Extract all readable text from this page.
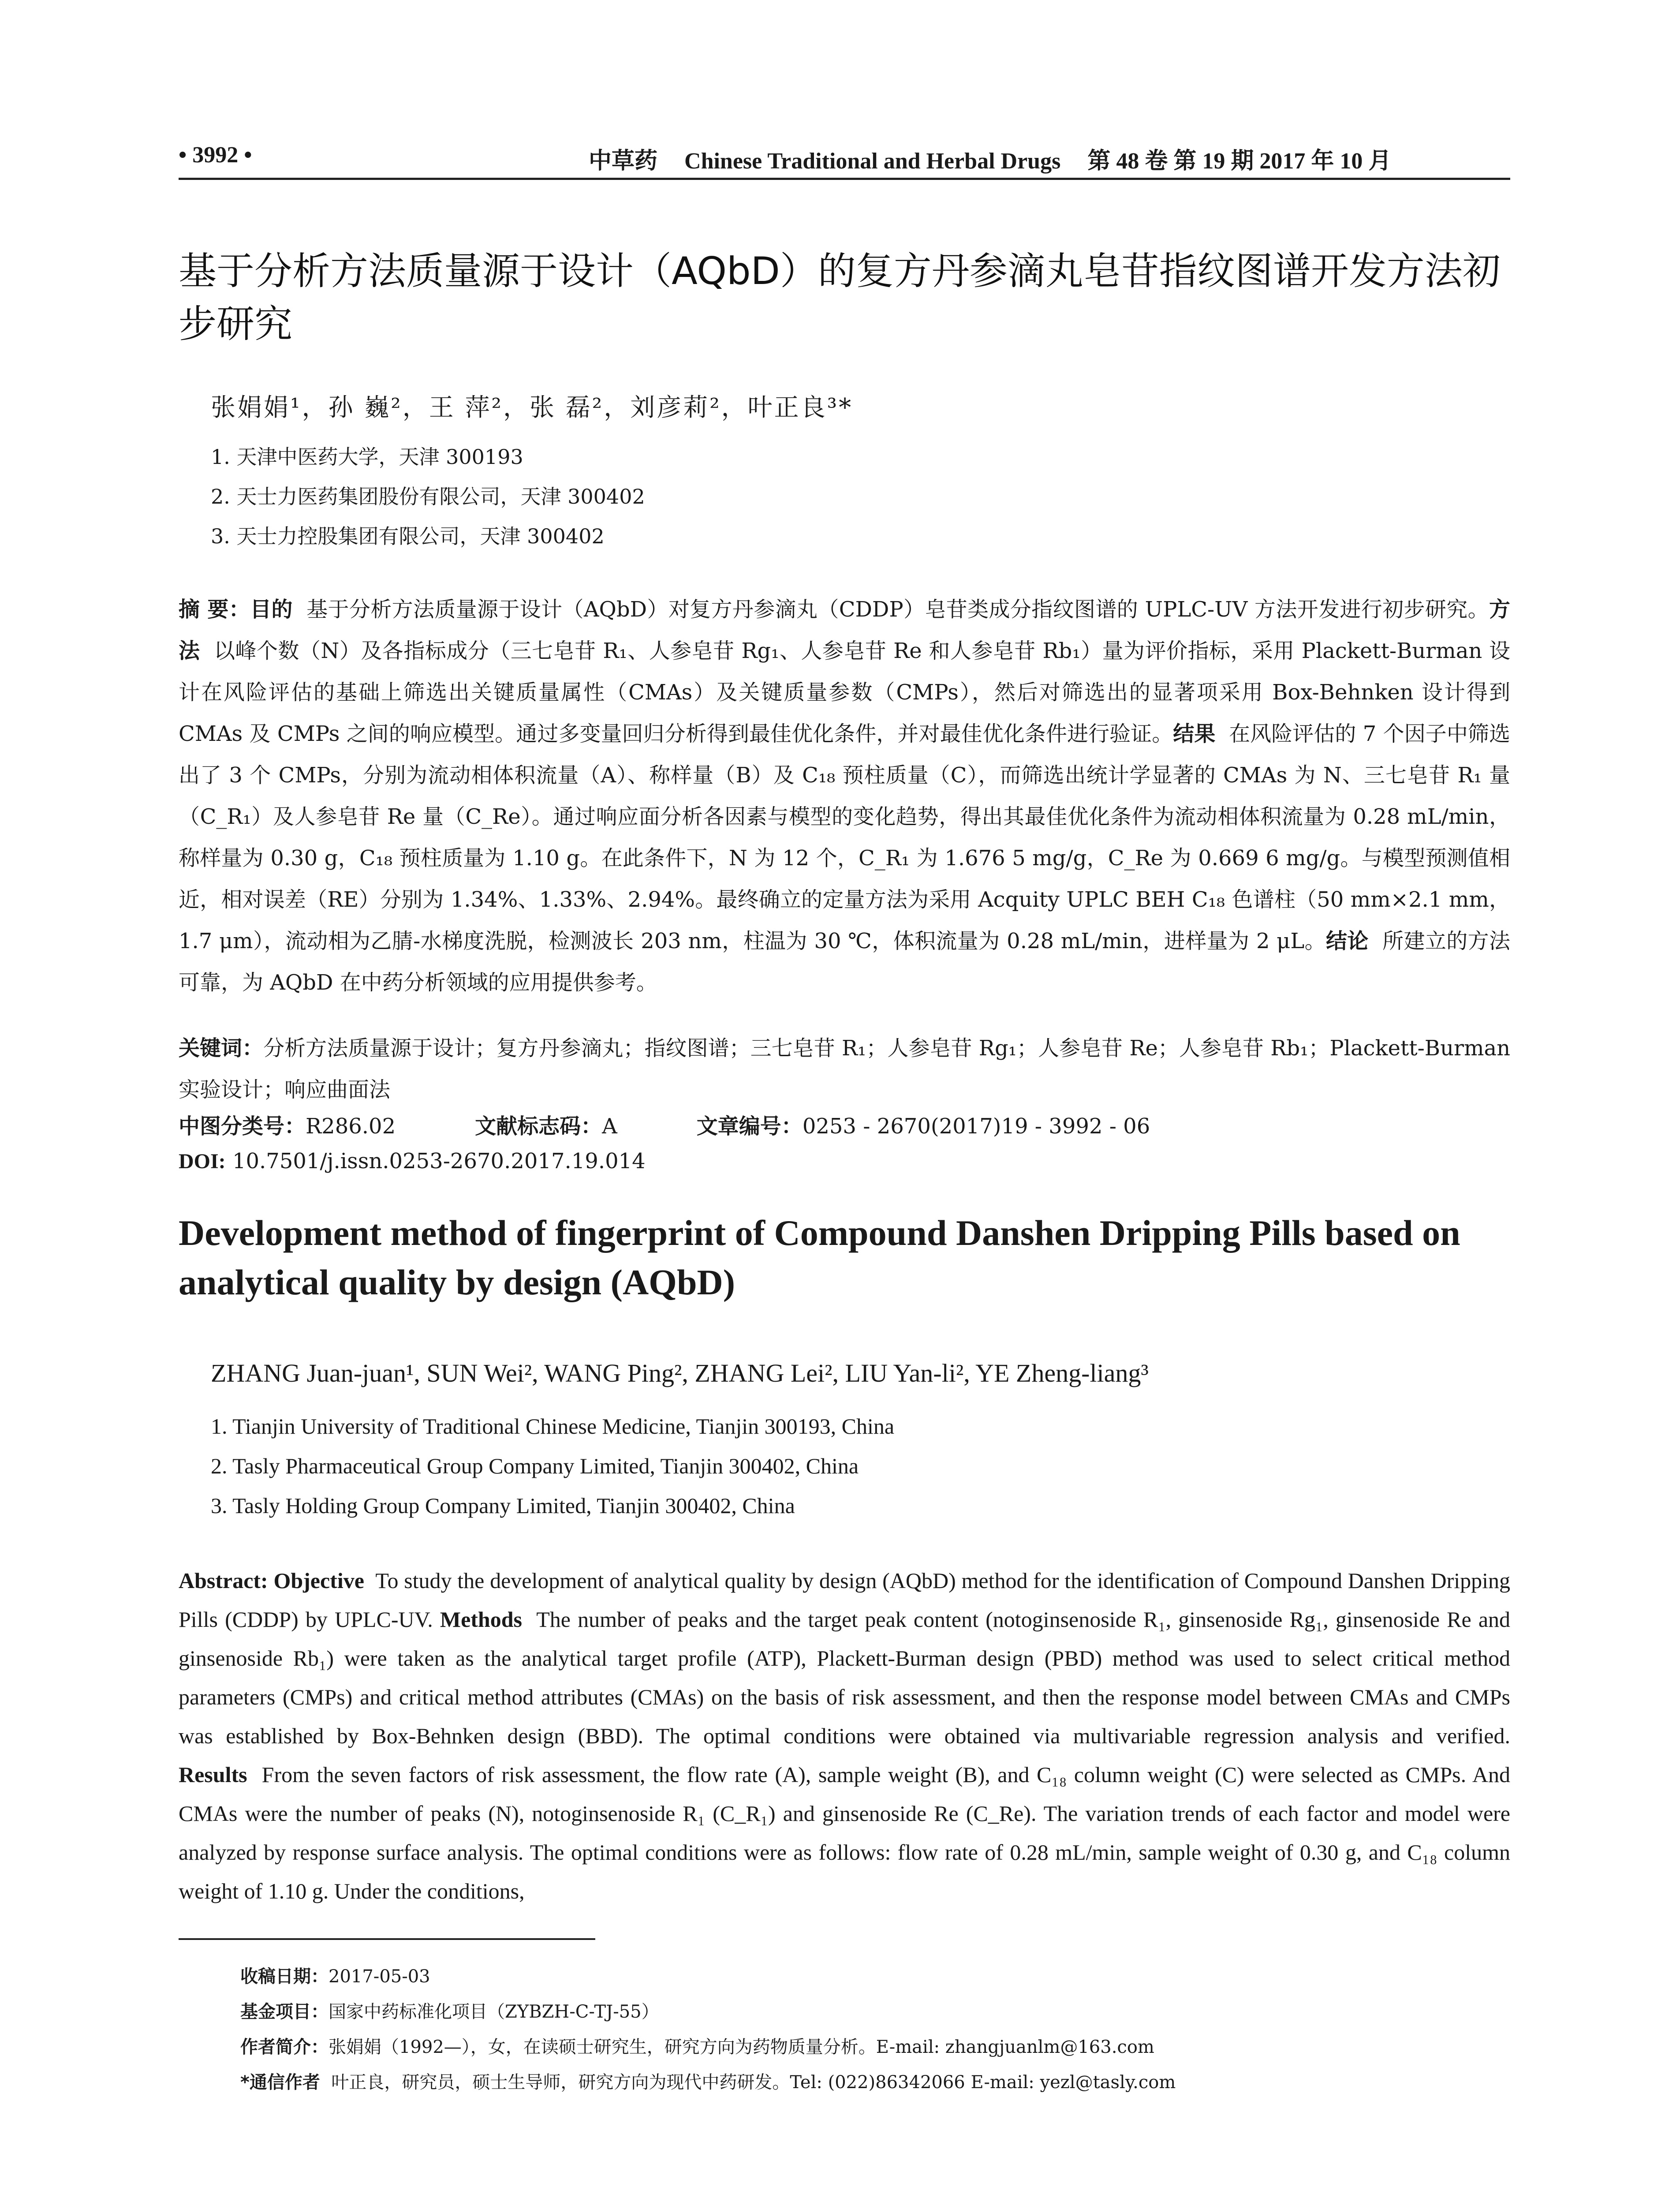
• 3992 •	中草药 Chinese Traditional and Herbal Drugs 第 48 卷 第 19 期 2017 年 10 月
基于分析方法质量源于设计（AQbD）的复方丹参滴丸皂苷指纹图谱开发方法初步研究
张娟娟¹，孙 巍²，王 萍²，张 磊²，刘彦莉²，叶正良³*
1. 天津中医药大学，天津 300193
2. 天士力医药集团股份有限公司，天津 300402
3. 天士力控股集团有限公司，天津 300402
摘 要：目的 基于分析方法质量源于设计（AQbD）对复方丹参滴丸（CDDP）皂苷类成分指纹图谱的 UPLC-UV 方法开发进行初步研究。方法 以峰个数（N）及各指标成分（三七皂苷 R₁、人参皂苷 Rg₁、人参皂苷 Re 和人参皂苷 Rb₁）量为评价指标，采用 Plackett-Burman 设计在风险评估的基础上筛选出关键质量属性（CMAs）及关键质量参数（CMPs），然后对筛选出的显著项采用 Box-Behnken 设计得到 CMAs 及 CMPs 之间的响应模型。通过多变量回归分析得到最佳优化条件，并对最佳优化条件进行验证。结果 在风险评估的 7 个因子中筛选出了 3 个 CMPs，分别为流动相体积流量（A）、称样量（B）及 C₁₈ 预柱质量（C），而筛选出统计学显著的 CMAs 为 N、三七皂苷 R₁ 量（C_R₁）及人参皂苷 Re 量（C_Re）。通过响应面分析各因素与模型的变化趋势，得出其最佳优化条件为流动相体积流量为 0.28 mL/min，称样量为 0.30 g，C₁₈ 预柱质量为 1.10 g。在此条件下，N 为 12 个，C_R₁ 为 1.676 5 mg/g，C_Re 为 0.669 6 mg/g。与模型预测值相近，相对误差（RE）分别为 1.34%、1.33%、2.94%。最终确立的定量方法为采用 Acquity UPLC BEH C₁₈ 色谱柱（50 mm×2.1 mm，1.7 μm），流动相为乙腈-水梯度洗脱，检测波长 203 nm，柱温为 30 ℃，体积流量为 0.28 mL/min，进样量为 2 μL。结论 所建立的方法可靠，为 AQbD 在中药分析领域的应用提供参考。
关键词：分析方法质量源于设计；复方丹参滴丸；指纹图谱；三七皂苷 R₁；人参皂苷 Rg₁；人参皂苷 Re；人参皂苷 Rb₁；Plackett-Burman 实验设计；响应曲面法
中图分类号：R286.02	文献标志码：A	文章编号：0253 - 2670(2017)19 - 3992 - 06
DOI: 10.7501/j.issn.0253-2670.2017.19.014
Development method of fingerprint of Compound Danshen Dripping Pills based on analytical quality by design (AQbD)
ZHANG Juan-juan¹, SUN Wei², WANG Ping², ZHANG Lei², LIU Yan-li², YE Zheng-liang³
1. Tianjin University of Traditional Chinese Medicine, Tianjin 300193, China
2. Tasly Pharmaceutical Group Company Limited, Tianjin 300402, China
3. Tasly Holding Group Company Limited, Tianjin 300402, China
Abstract: Objective To study the development of analytical quality by design (AQbD) method for the identification of Compound Danshen Dripping Pills (CDDP) by UPLC-UV. Methods The number of peaks and the target peak content (notoginsenoside R₁, ginsenoside Rg₁, ginsenoside Re and ginsenoside Rb₁) were taken as the analytical target profile (ATP), Plackett-Burman design (PBD) method was used to select critical method parameters (CMPs) and critical method attributes (CMAs) on the basis of risk assessment, and then the response model between CMAs and CMPs was established by Box-Behnken design (BBD). The optimal conditions were obtained via multivariable regression analysis and verified. Results From the seven factors of risk assessment, the flow rate (A), sample weight (B), and C₁₈ column weight (C) were selected as CMPs. And CMAs were the number of peaks (N), notoginsenoside R₁ (C_R₁) and ginsenoside Re (C_Re). The variation trends of each factor and model were analyzed by response surface analysis. The optimal conditions were as follows: flow rate of 0.28 mL/min, sample weight of 0.30 g, and C₁₈ column weight of 1.10 g. Under the conditions,
收稿日期：2017-05-03
基金项目：国家中药标准化项目（ZYBZH-C-TJ-55）
作者简介：张娟娟（1992—），女，在读硕士研究生，研究方向为药物质量分析。E-mail: zhangjuanlm@163.com
*通信作者 叶正良，研究员，硕士生导师，研究方向为现代中药研发。Tel: (022)86342066 E-mail: yezl@tasly.com
